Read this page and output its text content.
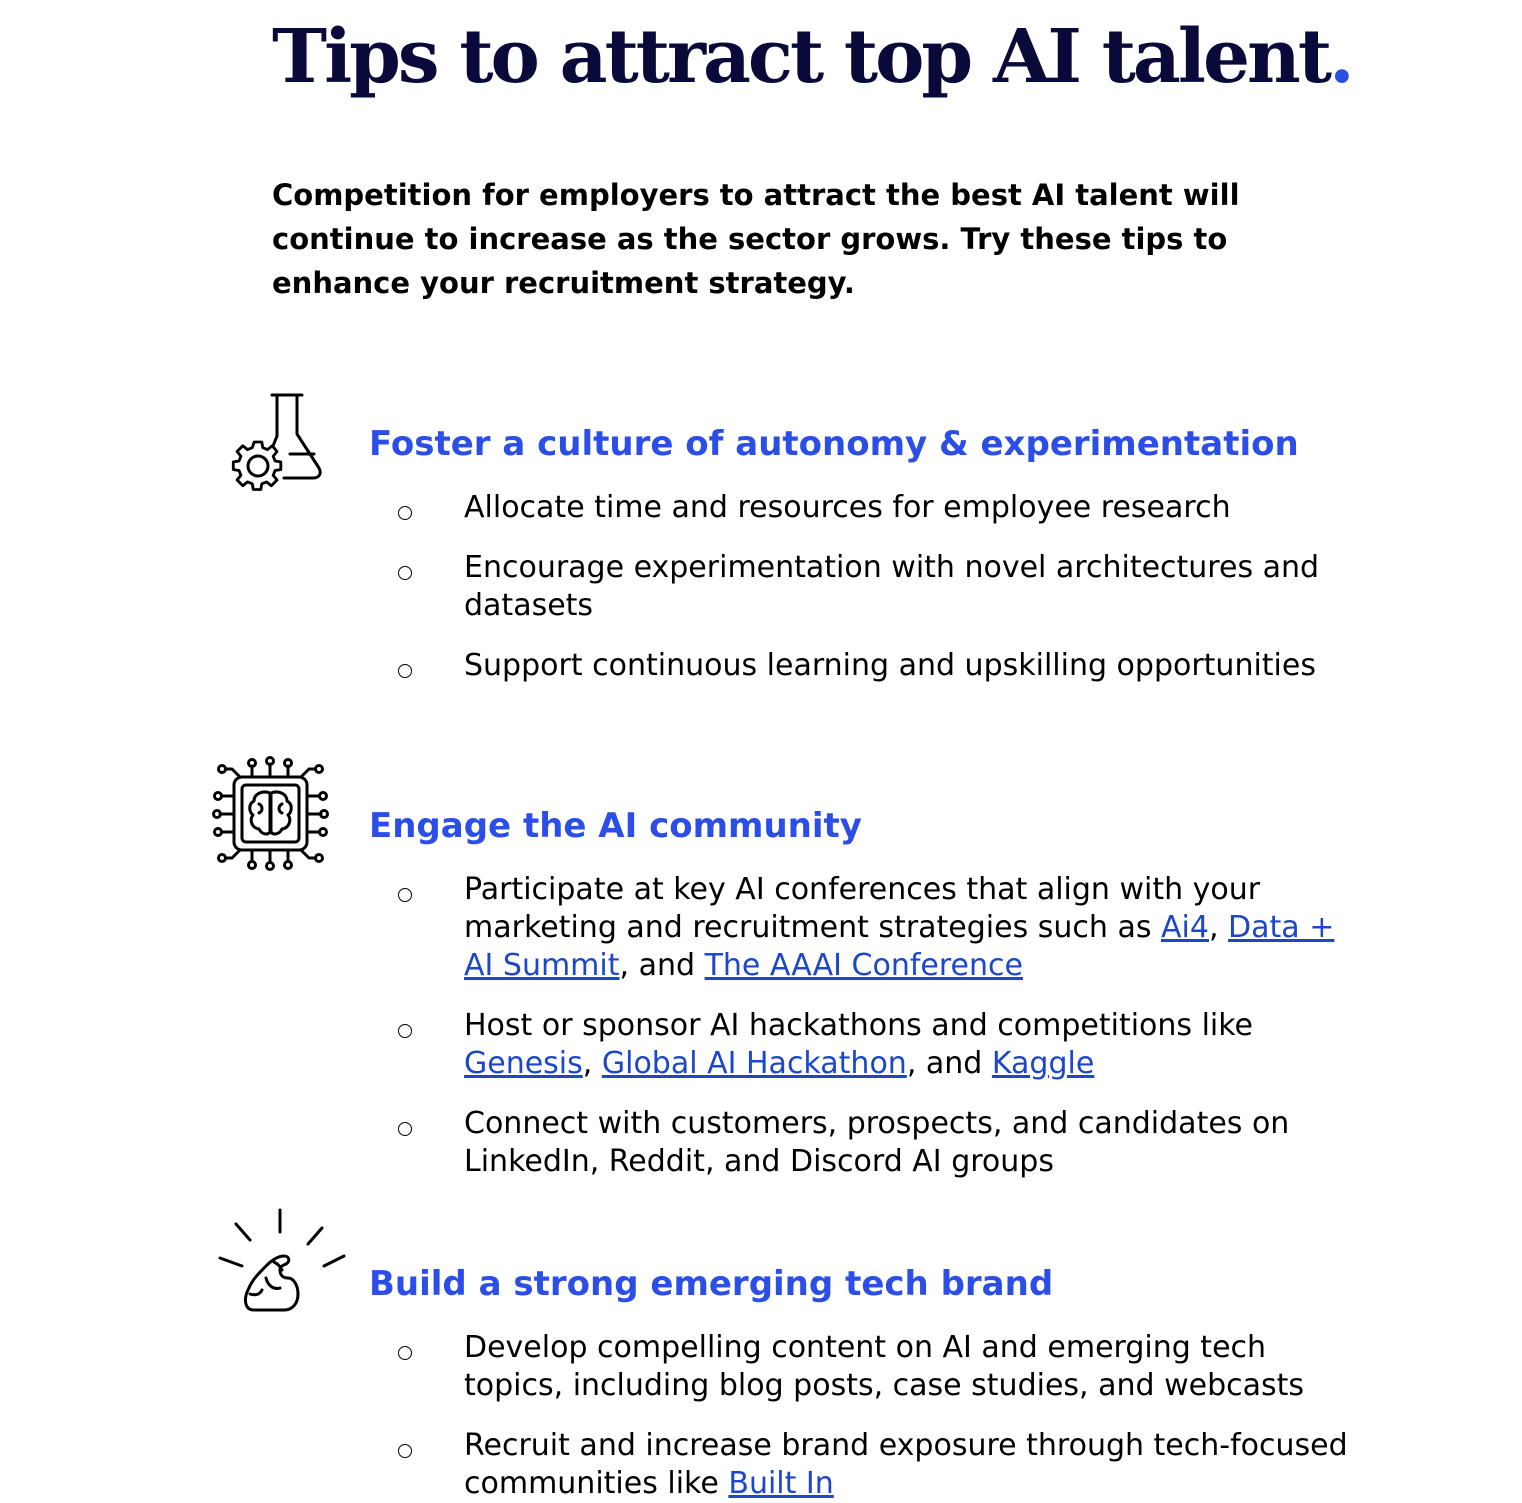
Tips to attract top AI talent.

Competition for employers to attract the best AI talent will continue to increase as the sector grows. Try these tips to enhance your recruitment strategy.

Foster a culture of autonomy & experimentation
Allocate time and resources for employee research
Encourage experimentation with novel architectures and datasets
Support continuous learning and upskilling opportunities
Engage the AI community
Participate at key AI conferences that align with your marketing and recruitment strategies such as Ai4, Data + AI Summit, and The AAAI Conference
Host or sponsor AI hackathons and competitions like Genesis, Global AI Hackathon, and Kaggle
Connect with customers, prospects, and candidates on LinkedIn, Reddit, and Discord AI groups
Build a strong emerging tech brand
Develop compelling content on AI and emerging tech topics, including blog posts, case studies, and webcasts
Recruit and increase brand exposure through tech-focused communities like Built In
